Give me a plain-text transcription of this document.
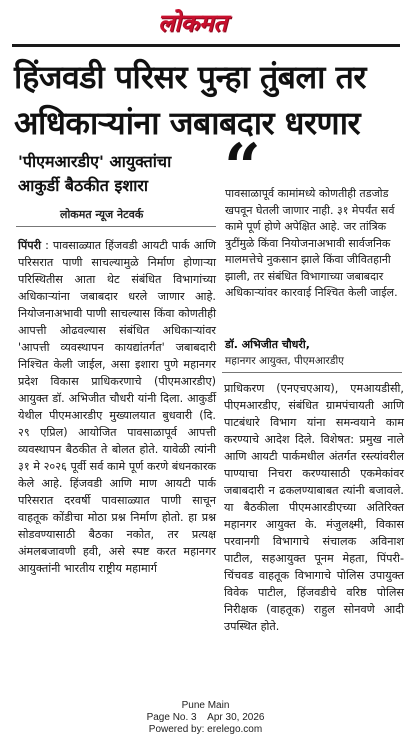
लोकमत
हिंजवडी परिसर पुन्हा तुंबला तर अधिकाऱ्यांना जबाबदार धरणार
'पीएमआरडीए' आयुक्तांचा आकुर्डी बैठकीत इशारा
लोकमत न्यूज नेटवर्क

पिंपरी : पावसाळ्यात हिंजवडी आयटी पार्क आणि परिसरात पाणी साचल्यामुळे निर्माण होणाऱ्या परिस्थितीस आता थेट संबंधित विभागांच्या अधिकाऱ्यांना जबाबदार धरले जाणार आहे. नियोजनाअभावी पाणी साचल्यास किंवा कोणतीही आपत्ती ओढवल्यास संबंधित अधिकाऱ्यांवर 'आपत्ती व्यवस्थापन कायद्यांतर्गत' जबाबदारी निश्चित केली जाईल, असा इशारा पुणे महानगर प्रदेश विकास प्राधिकरणाचे (पीएमआरडीए) आयुक्त डॉ. अभिजीत चौधरी यांनी दिला. आकुर्डी येथील पीएमआरडीए मुख्यालयात बुधवारी (दि. २९ एप्रिल) आयोजित पावसाळापूर्व आपत्ती व्यवस्थापन बैठकीत ते बोलत होते. यावेळी त्यांनी ३१ मे २०२६ पूर्वी सर्व कामे पूर्ण करणे बंधनकारक केले आहे. हिंजवडी आणि माण आयटी पार्क परिसरात दरवर्षी पावसाळ्यात पाणी साचून वाहतूक कोंडीचा मोठा प्रश्न निर्माण होतो. हा प्रश्न सोडवण्यासाठी बैठका नकोत, तर प्रत्यक्ष अंमलबजावणी हवी, असे स्पष्ट करत महानगर आयुक्तांनी भारतीय राष्ट्रीय महामार्ग

“
पावसाळापूर्व कामांमध्ये कोणतीही तडजोड खपवून घेतली जाणार नाही. ३१ मेपर्यंत सर्व कामे पूर्ण होणे अपेक्षित आहे. जर तांत्रिक त्रुटींमुळे किंवा नियोजनाअभावी सार्वजनिक मालमत्तेचे नुकसान झाले किंवा जीवितहानी झाली, तर संबंधित विभागाच्या जबाबदार अधिकाऱ्यांवर कारवाई निश्चित केली जाईल.
डॉ. अभिजीत चौधरी,
महानगर आयुक्त, पीएमआरडीए
प्राधिकरण (एनएचएआय), एमआयडीसी, पीएमआरडीए, संबंधित ग्रामपंचायती आणि पाटबंधारे विभाग यांना समन्वयाने काम करण्याचे आदेश दिले. विशेषत: प्रमुख नाले आणि आयटी पार्कमधील अंतर्गत रस्त्यांवरील पाण्याचा निचरा करण्यासाठी एकमेकांवर जबाबदारी न ढकलण्याबाबत त्यांनी बजावले. या बैठकीला पीएमआरडीएच्या अतिरिक्त महानगर आयुक्त के. मंजुलक्ष्मी, विकास परवानगी विभागाचे संचालक अविनाश पाटील, सहआयुक्त पूनम मेहता, पिंपरी-चिंचवड वाहतूक विभागाचे पोलिस उपायुक्त विवेक पाटील, हिंजवडीचे वरिष्ठ पोलिस निरीक्षक (वाहतूक) राहुल सोनवणे आदी उपस्थित होते.
Pune Main
Page No. 3 Apr 30, 2026
Powered by: erelego.com
